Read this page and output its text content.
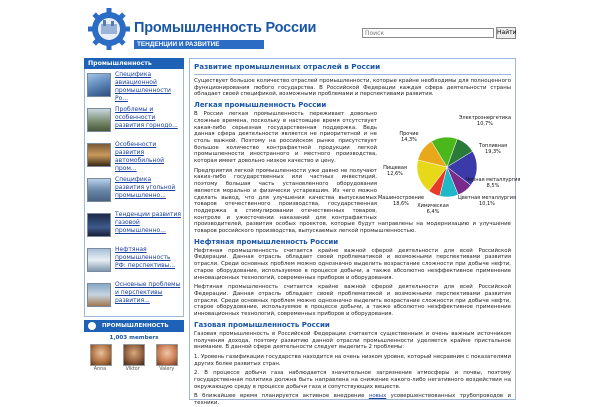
Промышленность России
ТЕНДЕНЦИИ И РАЗВИТИЕ
Поиск
Найти
Промышленность
Специфика авиационной промышленности Ро...
Проблемы и особенности развития горнодо...
Особенности развития автомобильной пром...
Специфика развития угольной промышленно...
Тенденции развития газовой промышленно...
Нефтяная промышленность РФ: перспективы...
Основные проблемы и перспективы развития...
ПРОМЫШЛЕННОСТЬ
1,003 members
Anna	Viktor	Valery
Развитие промышленных отраслей в России

Существует большое количество отраслей промышленности, которые крайне необходимы для полноценного функционирования любого государства. В Российской Федерации каждая сфера деятельности страны обладает своей спецификой, возможными проблемами и перспективами развития.

Легкая промышленность России
Электроэнергетика
10,7%
Топливная
19,3%
Черная металлургия
8,5%
Цветная металлургия
10,1%
Химическая
6,4%
Машиностроение
18,6%
Пищевая
12,6%
Прочие
14,3%

В России легкая промышленность переживает довольно сложные времена, поскольку в настоящее время отсутствует какая-либо серьезная государственная поддержка. Ведь данная сфера деятельности является не приоритетной и не столь важной. Поэтому на российском рынке присутствует большое количество контрафактной продукции легкой промышленности иностранного и местного производства, которая имеет довольно низкое качество и цену.

Предприятия легкой промышленности уже давно не получают каких-либо государственных или частных инвестиций, поэтому большая часть установленного оборудования является морально и физически устаревшим. Из чего можно сделать вывод, что для улучшения качества выпускаемых товаров отечественного производства, государственная поддержка в стимулировании отечественных товаров, контроле и ужесточении наказаний для контрафактных производителей, развития особых проектов, которые будут направлены на модернизацию и улучшение товаров российского производства, выпускаемых легкой промышленностью.

Нефтяная промышленность России

Нефтяная промышленность считается крайне важной сферой деятельности для всей Российской Федерации. Данная отрасль обладает своей проблематикой и возможными перспективами развития отрасли. Среди основных проблем можно однозначно выделить возрастание сложности при добыче нефти, старое оборудование, используемое в процессе добычи, а также абсолютно неэффективное применение инновационных технологий, современных приборов и оборудования.

Нефтяная промышленность считается крайне важной сферой деятельности для всей Российской Федерации. Данная отрасль обладает своей проблематикой и возможными перспективами развития отрасли. Среди основных проблем можно однозначно выделить возрастание сложности при добыче нефти, старое оборудование, используемое в процессе добычи, а также абсолютно неэффективное применение инновационных технологий, современных приборов и оборудования.

Газовая промышленность России

Газовая промышленность в Российской Федерации считается существенным и очень важным источником получения дохода, поэтому развитию данной отрасли промышленности уделяется крайне пристальное внимание. В данной сфере деятельности следует выделить 2 проблемы:

1. Уровень газификации государства находится на очень низком уровне, который несравним с показателями других более развитых стран.

2. В процессе добычи газа наблюдается значительное загрязнение атмосферы и почвы, поэтому государственная политика должна быть направлена на снижение какого-либо негативного воздействия на окружающую среду в процессе добычи газа и сопутствующих веществ.

В ближайшее время планируется активное внедрение новых усовершенствованных трубопроводов и техники,
